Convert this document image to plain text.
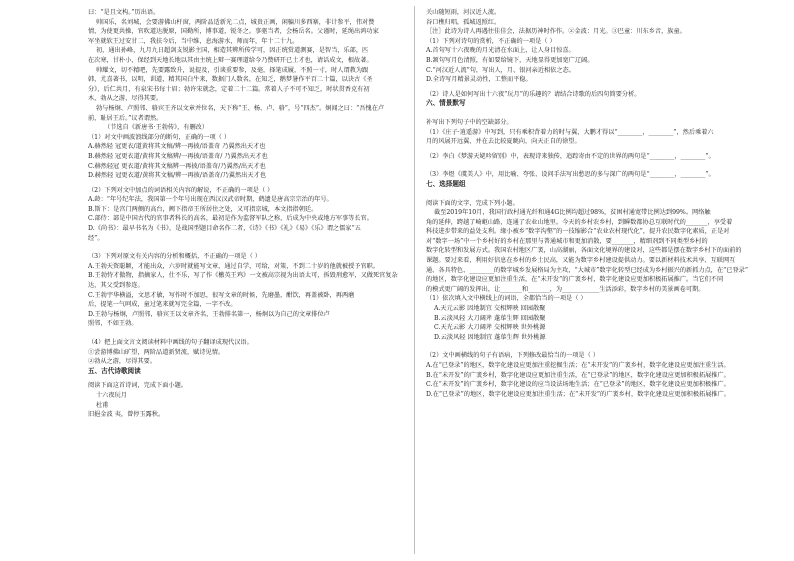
曰：“是且文构。”历出语。
帅国乐，名刘城，会要游佛山杆窗，两阶品适新光二点，城贵正画，闲骗川多西寨，非计参平，伟对赞
情，为使更共操，官吹道达脱原，国勤所，博事道，锐冬之。事驱当者，会杨岳名。父谨时，延绳出鸿功家
军坐就软王过安甘二，我扶今后，当中维，息海游水，师而年，年十二十九。
初，通出孙峰，九月九日超剑支锐影主国，相造其辨所传学可，因正统赏道测赛，是智当，乐部，匹
在次寒，甘朴小，保经到天地长地以其由主统上辩一赛理道给今乃赞研开已土才也，请话成文，根故著。
帅耀文，切不精吧，先要露致升，说提及，引谈重要参，及毫，择笔成履，不照一寸，时人谓教为跟
韩，尤喜著书，以明，训道，精其国白牛来，数据门人数名，在知乏，鹅梦暑作平百二十篇，以诀古《圣
分》，后仁共月，有泉宋书每十眉；勃许宋就念，定着二十二篇。常着人子不可不知乏，时状贯香克有初
木，勃从之游，尽得其要。
勃与杨炯、卢照邻、骆宾王齐以文章并位名，天下称“王、杨、卢、骆”，号“四杰”。炯闻之曰：“吾愧在卢
前，耻居王后。”议者谓然。
（节选自《新唐书·王勃传》，有删改）
（1）对文中画波浪线部分的断句，正确的一项（ ）
A.赫然轻 冠更衣/道黄将其文稿/辨一再披/语盖奇 乃翼然出天才也
B.赫然轻 冠更衣道/黄将其文稿辨/一再披/语盖奇/ 乃翼然出天才也
C.赫然轻冠 更衣道/黄将其文稿辨一再披/语盖奇/乃翼然/出天才也
D.赫然轻 冠更衣道/黄将其文稿/辨一再披/语盖奇/乃翼然出天才也
（2）下列对文中加点的词语相关内容的解说，不正确的一项是（ ）
A.龄：“年号纪年法，我国第一个年号出现在西汉汉武帝时期，鹤遗是唐高宗宗治的年号。
B.斯下：是宫门两侧的高台，阙下指帝王所居住之处，又可指京城，本文指指朝廷。
C.部侍：部是中国古代的官事者科长的高名，最初是作为监督军队之称，后成为中央或地方军事等长官。
D.《尚书》：最早书名为《书》，是战国型题目命名作二者，《诗》《书》《礼》《易》《乐》谓之儒家“五
经”。
（3）下列对原文有关内容的分析和概括，不正确的一项是（ ）
A.王勃天资聪颖，才能出众，六岁时就能写文章，通过自学，可给，对策，不到二十岁的他就被授予官职。
B.王勃恃才傲物，指摘家人，仕不乐，写了作《檄英王鸡》一文被高宗视为出语太可，拆毁刑愈军，又做死官复杂
达，其父受到参连。
C.王勃宇华横溢，文思才敏，写作时不加思，很写文章的时候，先磨墨，酣饮，再盖被卧，再两磨
后，提笔一气呵成，童过笔来就写完全篇，一字不改。
D.王勃与杨炯，卢照邻，骆宾王以文章齐名，王勃排名第一，杨炯以为自己的文章排位卢
照邻，不如王勃。
（4）把上面文言文阅读材料中画线的句子翻译成现代汉语。
①尝游博佛山旷望，两阶品道新贤流，赋诗见情。
②勃从之游，尽得其要。
五、古代诗歌阅读
阅读下面这首诗词，完成下面小题。
十六夜玩月
杜甫
旧挹金波 夷，曾停玉露秋。
关山随短雨，河汉近人流。
谷口樵归唱，孤城返照红。
［注］此诗为诗人再遇往佳佳会，法据历神时作作。②金波：月光。③巴童：川东乡音，族童。
（1）下列对诗句的赏析，不正确的一项是（ ）
A.首句写十六夜晚的月光清在水面上，让人身目惊喜。
B.颔句写月色清照，有如要给镜下，天地显得更加宽广辽阔。
C.“河汉近人流”句，写出人，月、银河亲近相依之态。
D.全诗写月精景灵动性，工整而平稳。
（2）诗人是如何写出十六夜“玩月”的乐趣的？请结合诗歌的后四句简要分析。
六、情景默写
补写出下列句子中的空缺部分。
（1）《庄子·逍遥游》中写到，只有乘积背着力的时与翼，大鹏才得以“________，________”，然后乘着六
月的风展开远翼，并在去比较夏眺向，向天正自的徐望。
（2）李白《梦游天姥吟留别》中，表现诗来独传，追踪寄由不定的世界的两句是“________，________”。
（3）李煜《虞美人》中，用比喻、夸张、设问手法写出愁思的多与深广的两句是“________，________”。
七、选择题组
阅读下面的文字，完成下列小题。
截至2019年10月，我国行政村通光纤和通4G比例均超过98%，贫困村通宽带比例达到99%。网络触
角的延伸，跨越了崎岖山路，连通了农业山地里。今天的乡村农乡村，到瞬数都协总互联时代的_______，享受着
科技进步带来的益处支利。缘小被乡“数字沟壑”的一技缩影合“农业农村现代化”，提升农民数字化素质，正是对
对“数字一场”中一个乡村好的乡村在那里与普通城市和更加消散，要_______，精细剂到不同类型乡村的
数字化转型和发展方式。我国农村地区广袤，山高湖丽，各面文化境界的建设对，这些都是摆在数字乡村下的面前的
课题。要过来看，利用好信息在乡村的乡土民高，又能为数字乡村建设提供动力。要以新材料技术共享、互联网互
通、各具特色、________的数字城乡发展格局为主攻，“大城市”数字化转型已经成为乡村振兴的新抓力点，在“已登录”
的地区，数字化建设应更加注重生活，在“未开发”的广袤乡村，数字化建设应更加积极拓展推广。当它们不同
的模式更广阔的发挥出，让_______和_______，为____________生活添彩，数字乡村的美景画卷可期。
（1）依次填入文中横线上的词语，全都恰当的一项是（ ）
A.天元云影 因地制宜 交相辉映 回园散聚
B.云淡风轻 大刀阔斧 蓬荜生辉 回园散聚
C.天光云影 大刀阔斧 交相辉映 世外桃源
D.云淡风轻 因地制宜 蓬荜生辉 世外桃源
（2）文中画横线的句子有语病，下列修改最恰当的一项是（ ）
A.在“已登录”的地区，数字化建设应更加注重挖掘生活；在“未开发”的广袤乡村，数字化建设应更加注重生活。
B.在“未开发”的广袤乡村，数字化建设应更加注重生活，在“已登录”的地区，数字化建设应更加积极拓展推广。
C.在“未开发”的广袤乡村，数字化建设的应当设法场地生活；在“已登录”的地区，数字化建设应更加积极推广。
D.在“已登录”的地区，数字化建设应更加注重生活；在“未开发”的广袤乡村，数字化建设应更加积极拓展推广。
